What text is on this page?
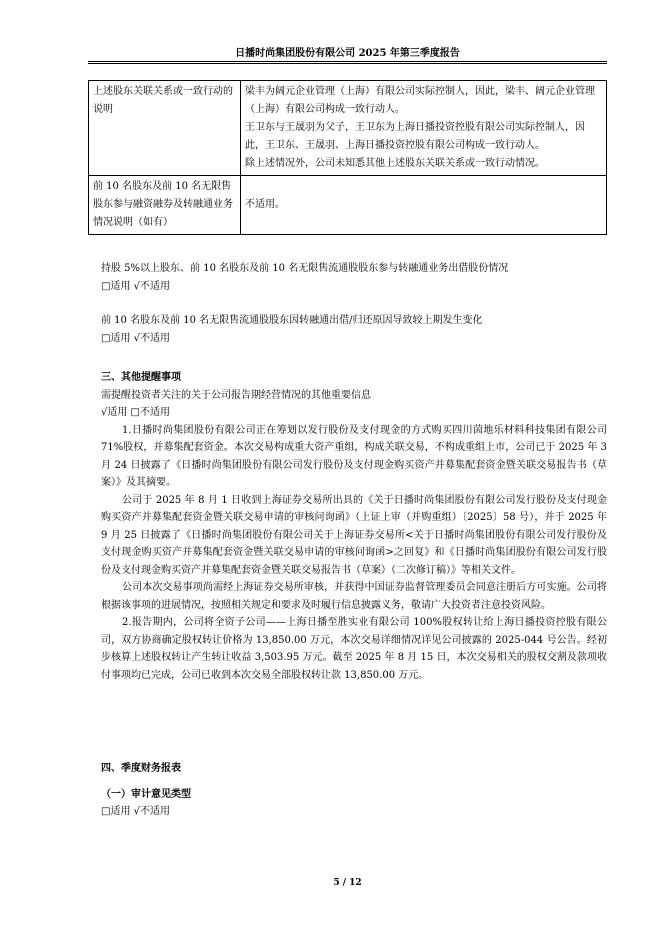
日播时尚集团股份有限公司 2025 年第三季度报告
上述股东关联关系或一致行动的说明	梁丰为阔元企业管理（上海）有限公司实际控制人，因此，梁丰、阔元企业管理（上海）有限公司构成一致行动人。
王卫东与王晟羽为父子，王卫东为上海日播投资控股有限公司实际控制人，因此，王卫东、王晟羽、上海日播投资控股有限公司构成一致行动人。
除上述情况外，公司未知悉其他上述股东关联关系或一致行动情况。

前 10 名股东及前 10 名无限售股东参与融资融券及转融通业务情况说明（如有）	不适用。
持股 5%以上股东、前 10 名股东及前 10 名无限售流通股股东参与转融通业务出借股份情况
□适用 √不适用
前 10 名股东及前 10 名无限售流通股股东因转融通出借/归还原因导致较上期发生变化
□适用 √不适用
三、其他提醒事项
需提醒投资者关注的关于公司报告期经营情况的其他重要信息
√适用 □不适用

1.日播时尚集团股份有限公司正在筹划以发行股份及支付现金的方式购买四川茵地乐材料科技集团有限公司 71%股权，并募集配套资金。本次交易构成重大资产重组，构成关联交易，不构成重组上市，公司已于 2025 年 3 月 24 日披露了《日播时尚集团股份有限公司发行股份及支付现金购买资产并募集配套资金暨关联交易报告书（草案）》及其摘要。

公司于 2025 年 8 月 1 日收到上海证券交易所出具的《关于日播时尚集团股份有限公司发行股份及支付现金购买资产并募集配套资金暨关联交易申请的审核问询函》（上证上审（并购重组）〔2025〕58 号），并于 2025 年 9 月 25 日披露了《日播时尚集团股份有限公司关于上海证券交易所<关于日播时尚集团股份有限公司发行股份及支付现金购买资产并募集配套资金暨关联交易申请的审核问询函>之回复》和《日播时尚集团股份有限公司发行股份及支付现金购买资产并募集配套资金暨关联交易报告书（草案）（二次修订稿）》等相关文件。

公司本次交易事项尚需经上海证券交易所审核，并获得中国证券监督管理委员会同意注册后方可实施。公司将根据该事项的进展情况，按照相关规定和要求及时履行信息披露义务，敬请广大投资者注意投资风险。

2.报告期内，公司将全资子公司——上海日播至胜实业有限公司 100%股权转让给上海日播投资控股有限公司，双方协商确定股权转让价格为 13,850.00 万元，本次交易详细情况详见公司披露的 2025-044 号公告。经初步核算上述股权转让产生转让收益 3,503.95 万元。截至 2025 年 8 月 15 日，本次交易相关的股权交割及款项收付事项均已完成，公司已收到本次交易全部股权转让款 13,850.00 万元。

四、季度财务报表
（一）审计意见类型
□适用 √不适用
5 / 12
